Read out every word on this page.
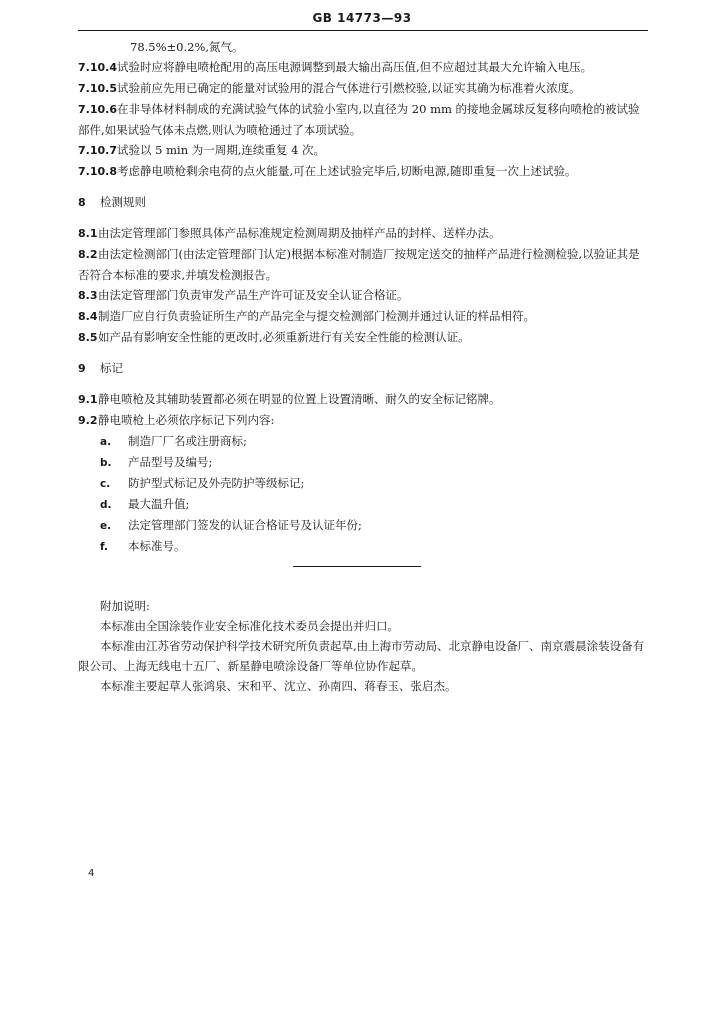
GB 14773—93

78.5%±0.2%,氮气。

7.10.4试验时应将静电喷枪配用的高压电源调整到最大输出高压值,但不应超过其最大允许输入电压。

7.10.5试验前应先用已确定的能量对试验用的混合气体进行引燃校验,以证实其确为标准着火浓度。

7.10.6在非导体材料制成的充满试验气体的试验小室内,以直径为 20 mm 的接地金属球反复移向喷枪的被试验部件,如果试验气体未点燃,则认为喷枪通过了本项试验。

7.10.7试验以 5 min 为一周期,连续重复 4 次。

7.10.8考虑静电喷枪剩余电荷的点火能量,可在上述试验完毕后,切断电源,随即重复一次上述试验。

8 检测规则

8.1由法定管理部门参照具体产品标准规定检测周期及抽样产品的封样、送样办法。

8.2由法定检测部门(由法定管理部门认定)根据本标准对制造厂按规定送交的抽样产品进行检测检验,以验证其是否符合本标准的要求,并填发检测报告。

8.3由法定管理部门负责审发产品生产许可证及安全认证合格证。

8.4制造厂应自行负责验证所生产的产品完全与提交检测部门检测并通过认证的样品相符。

8.5如产品有影响安全性能的更改时,必须重新进行有关安全性能的检测认证。

9 标记

9.1静电喷枪及其辅助装置都必须在明显的位置上设置清晰、耐久的安全标记铭牌。

9.2静电喷枪上必须依序标记下列内容:

a. 制造厂厂名或注册商标;

b. 产品型号及编号;

c. 防护型式标记及外壳防护等级标记;

d. 最大温升值;

e. 法定管理部门签发的认证合格证号及认证年份;

f. 本标准号。

附加说明:

本标准由全国涂装作业安全标准化技术委员会提出并归口。

本标准由江苏省劳动保护科学技术研究所负责起草,由上海市劳动局、北京静电设备厂、南京震晨涂装设备有限公司、上海无线电十五厂、新星静电喷涂设备厂等单位协作起草。

本标准主要起草人张鸿泉、宋和平、沈立、孙南四、蒋春玉、张启杰。

4
